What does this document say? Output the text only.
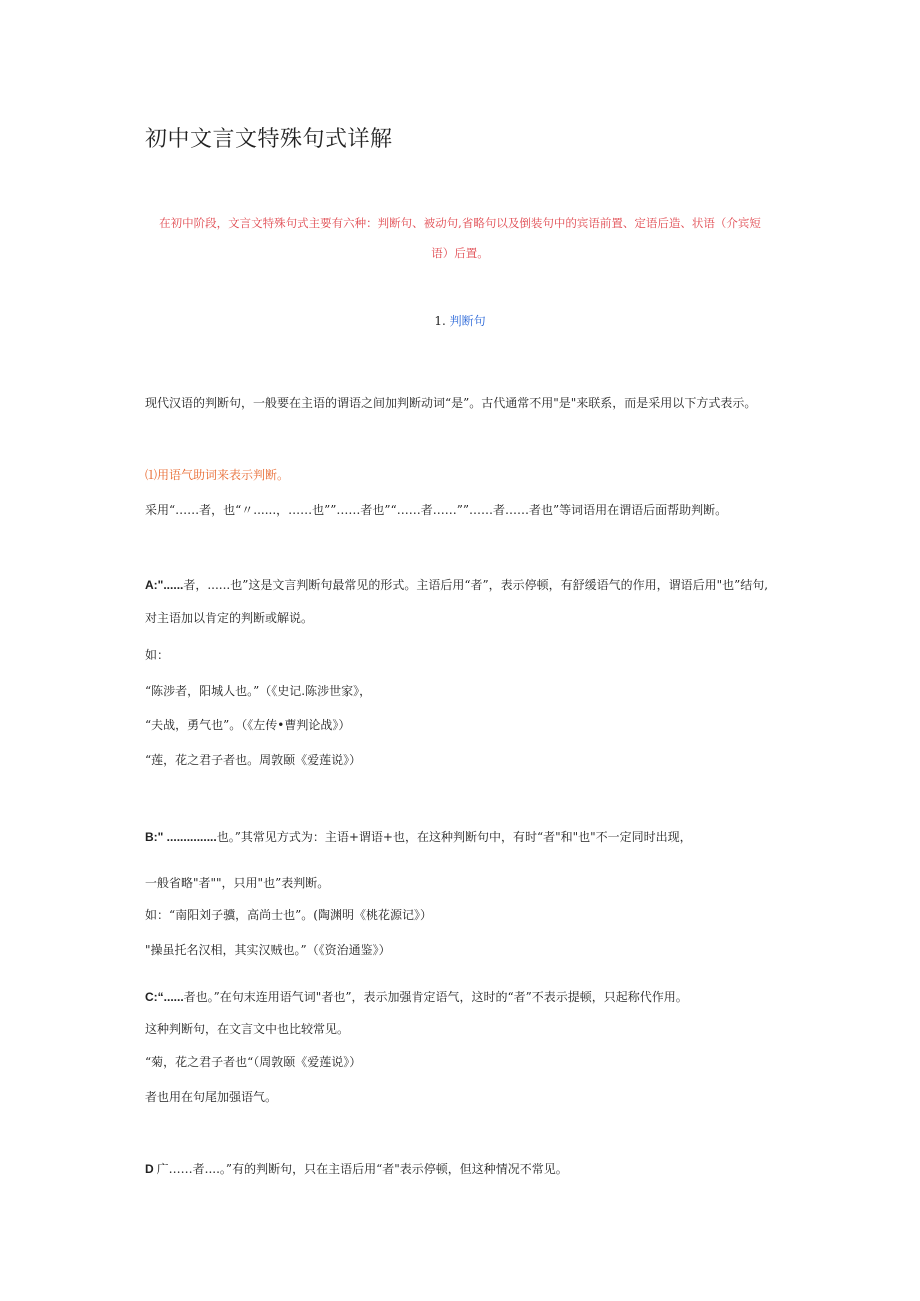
初中文言文特殊句式详解
在初中阶段，文言文特殊句式主要有六种：判断句、被动句,省略句以及倒装句中的宾语前置、定语后造、状语（介宾短
语）后置。
1. 判断句
现代汉语的判断句，一般要在主语的谓语之间加判断动词“是”。古代通常不用"是"来联系，而是采用以下方式表示。
⑴用语气助词来表示判断。
采用“……者，也“〃......，……也””……者也”“……者……””……者……者也”等词语用在谓语后面帮助判断。
A:"......者，......也”这是文言判断句最常见的形式。主语后用“者”，表示停顿，有舒缓语气的作用，谓语后用"也”结句,
对主语加以肯定的判断或解说。
如：
“陈涉者，阳城人也。”（《史记.陈涉世家》，
“夫战，勇气也”。（《左传•曹判论战》）
“莲，花之君子者也。周敦颐《爱莲说》）
B:" ...............也。”其常见方式为：主语+谓语+也，在这种判断句中，有时“者"和"也"不一定同时出现，
一般省略"者""，只用"也”表判断。
如：“南阳刘子骥，高尚士也”。(陶渊明《桃花源记》）
"操虽托名汉相，其实汉贼也。”（《资治通鉴》）
C:“......者也。”在句末连用语气词"者也”，表示加强肯定语气，这时的“者”不表示提顿，只起称代作用。
这种判断句，在文言文中也比较常见。
“菊，花之君子者也“（周敦颐《爱莲说》）
者也用在句尾加强语气。
D 广……者....。”有的判断句，只在主语后用“者"表示停顿，但这种情况不常见。
